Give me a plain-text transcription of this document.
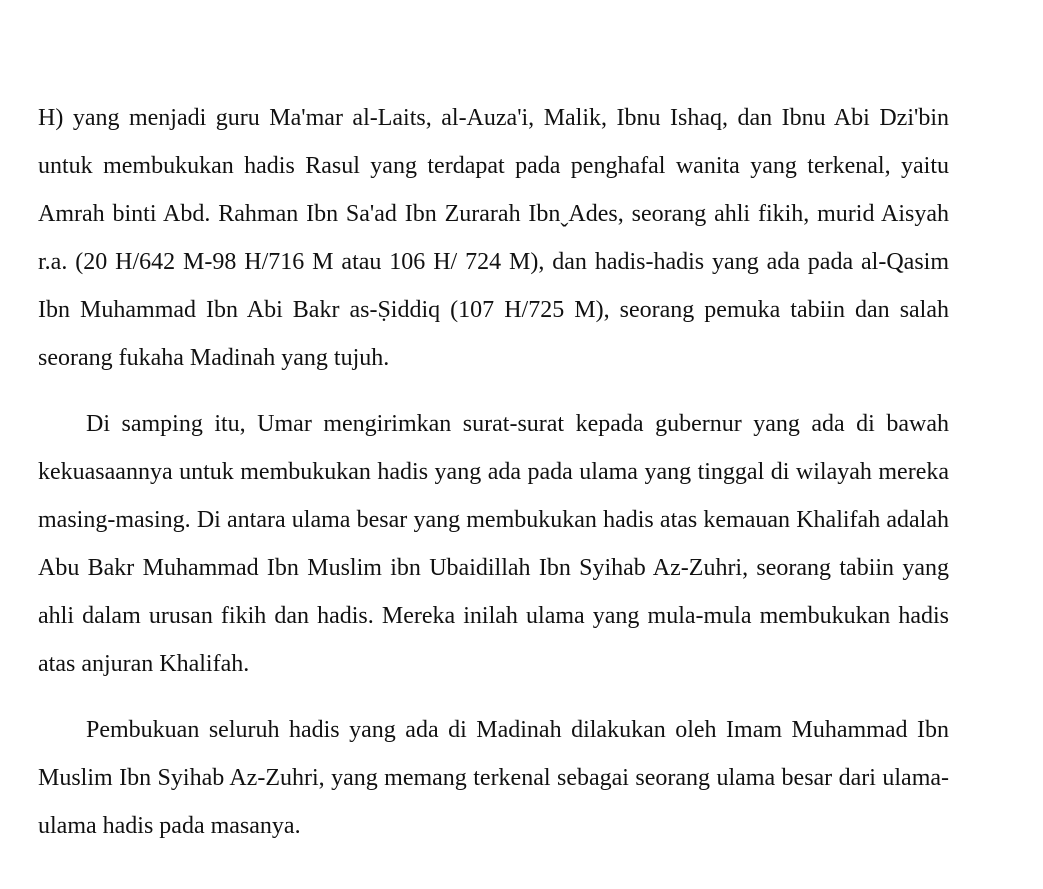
H) yang menjadi guru Ma'mar al-Laits, al-Auza'i, Malik, Ibnu Ishaq, dan Ibnu Abi Dzi'bin untuk membukukan hadis Rasul yang terdapat pada penghafal wanita yang terkenal, yaitu Amrah binti Abd. Rahman Ibn Sa'ad Ibn Zurarah IbnˬAdes, seorang ahli fikih, murid Aisyah r.a. (20 H/642 M-98 H/716 M atau 106 H/ 724 M), dan hadis-hadis yang ada pada al-Qasim Ibn Muhammad Ibn Abi Bakr as-Ṣiddiq (107 H/725 M), seorang pemuka tabiin dan salah seorang fukaha Madinah yang tujuh.

Di samping itu, Umar mengirimkan surat-surat kepada gubernur yang ada di bawah kekuasaannya untuk membukukan hadis yang ada pada ulama yang tinggal di wilayah mereka masing-masing. Di antara ulama besar yang membukukan hadis atas kemauan Khalifah adalah Abu Bakr Muhammad Ibn Muslim ibn Ubaidillah Ibn Syihab Az-Zuhri, seorang tabiin yang ahli dalam urusan fikih dan hadis. Mereka inilah ulama yang mula-mula membukukan hadis atas anjuran Khalifah.

Pembukuan seluruh hadis yang ada di Madinah dilakukan oleh Imam Muhammad Ibn Muslim Ibn Syihab Az-Zuhri, yang memang terkenal sebagai seorang ulama besar dari ulama-ulama hadis pada masanya.
